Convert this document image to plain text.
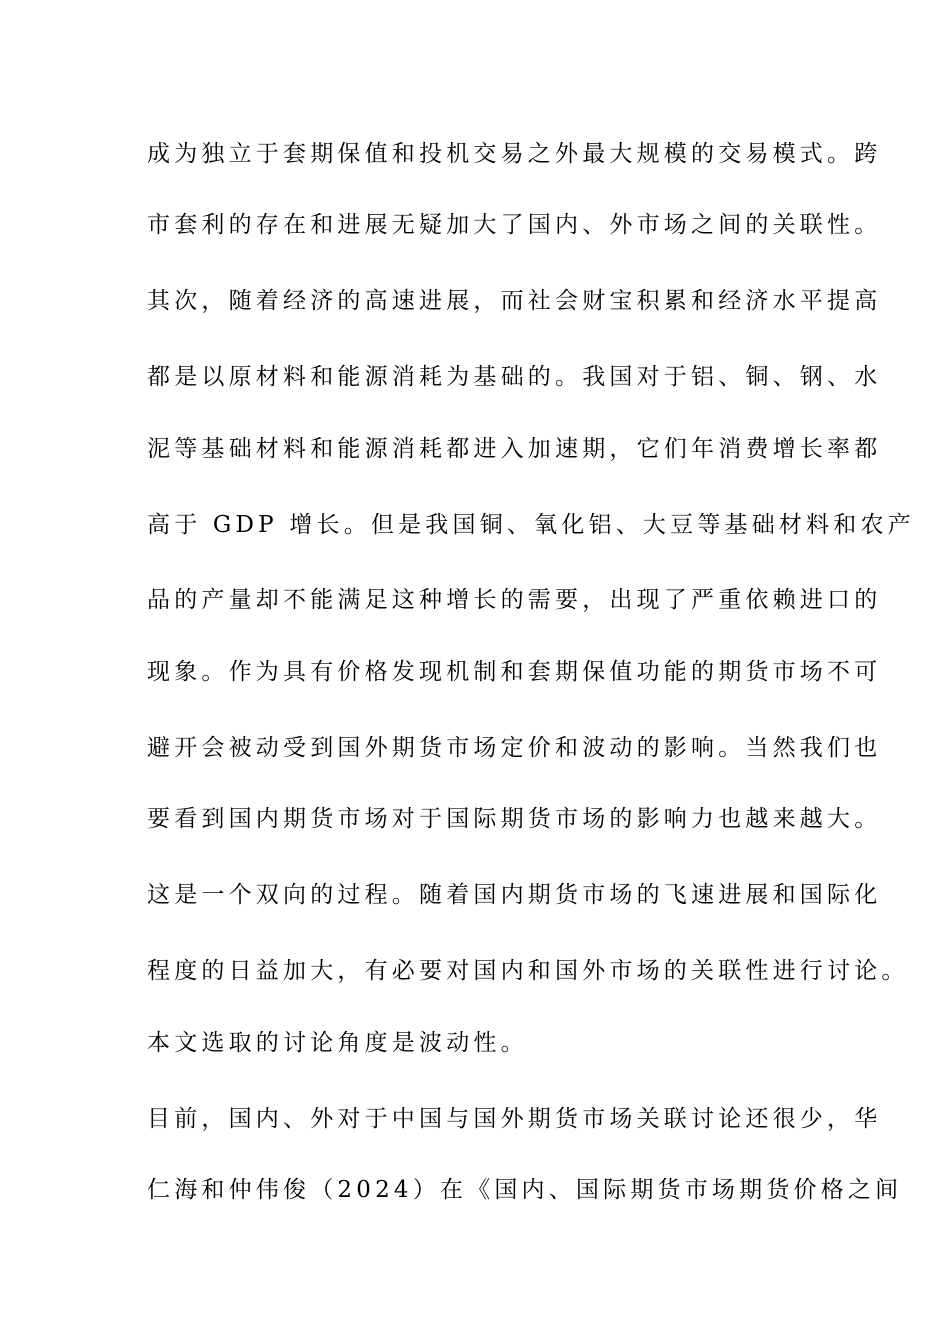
成为独立于套期保值和投机交易之外最大规模的交易模式。跨
市套利的存在和进展无疑加大了国内、外市场之间的关联性。
其次，随着经济的高速进展，而社会财宝积累和经济水平提高
都是以原材料和能源消耗为基础的。我国对于铝、铜、钢、水
泥等基础材料和能源消耗都进入加速期，它们年消费增长率都
高于 GDP 增长。但是我国铜、氧化铝、大豆等基础材料和农产
品的产量却不能满足这种增长的需要，出现了严重依赖进口的
现象。作为具有价格发现机制和套期保值功能的期货市场不可
避开会被动受到国外期货市场定价和波动的影响。当然我们也
要看到国内期货市场对于国际期货市场的影响力也越来越大。
这是一个双向的过程。随着国内期货市场的飞速进展和国际化
程度的日益加大，有必要对国内和国外市场的关联性进行讨论。
本文选取的讨论角度是波动性。
目前，国内、外对于中国与国外期货市场关联讨论还很少，华
仁海和仲伟俊（2024）在《国内、国际期货市场期货价格之间
